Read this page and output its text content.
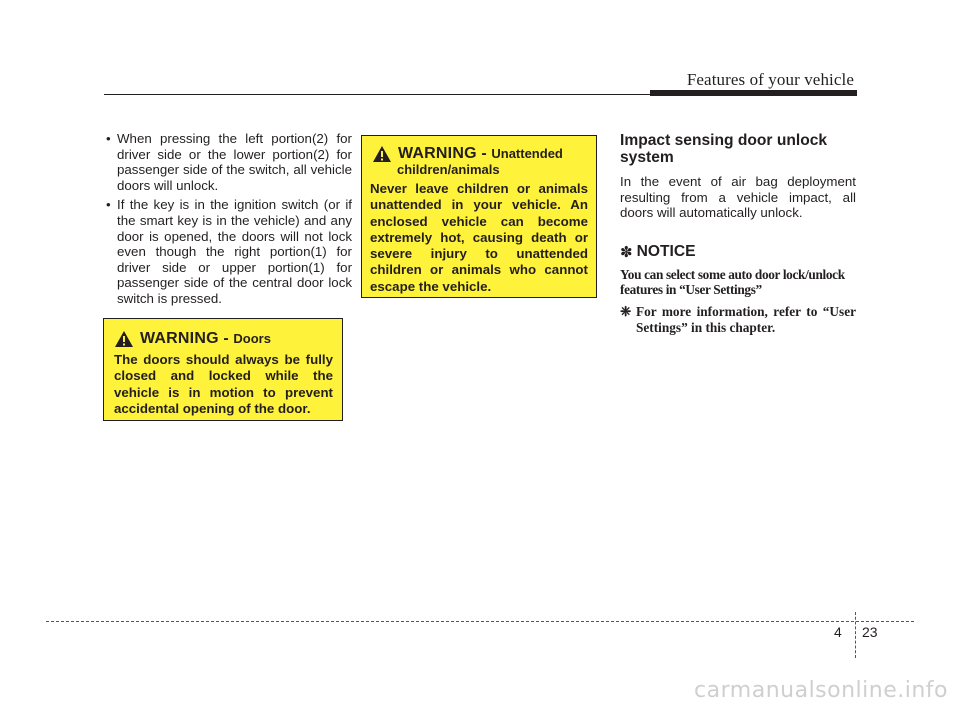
Features of your vehicle
• When pressing the left portion(2) for driver side or the lower portion(2) for passenger side of the switch, all vehicle doors will unlock.
• If the key is in the ignition switch (or if the smart key is in the vehicle) and any door is opened, the doors will not lock even though the right portion(1) for driver side or upper portion(1) for passenger side of the central door lock switch is pressed.
WARNING - Doors
The doors should always be fully closed and locked while the vehicle is in motion to prevent accidental opening of the door.
WARNING - Unattended
children/animals
Never leave children or animals unattended in your vehicle. An enclosed vehicle can become extremely hot, causing death or severe injury to unattended children or animals who cannot escape the vehicle.
Impact sensing door unlock system

In the event of air bag deployment resulting from a vehicle impact, all doors will automatically unlock.

✽ NOTICE
You can select some auto door lock/unlock features in “User Settings”
❈ For more information, refer to “User Settings” in this chapter.
4 23
carmanualsonline.info
